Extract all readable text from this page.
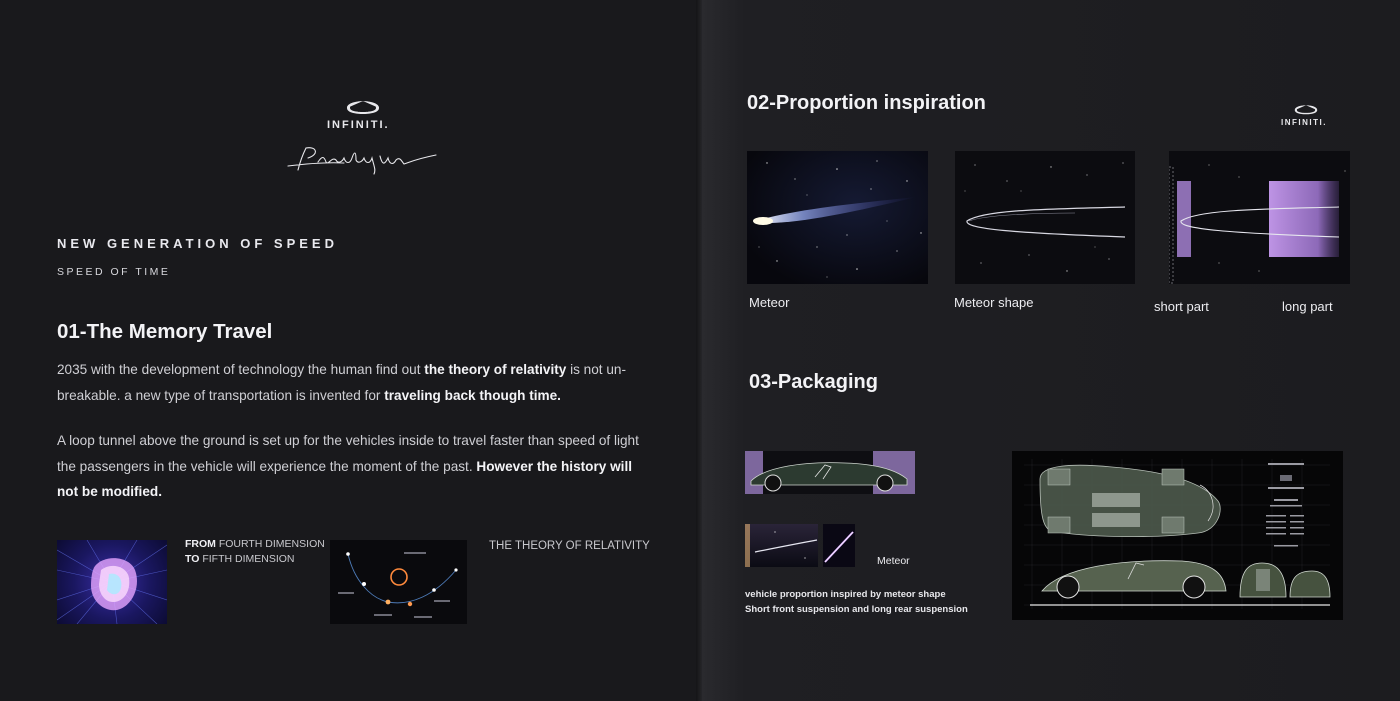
INFINITI.
NEW GENERATION OF SPEED
SPEED OF TIME
01-The Memory Travel
2035 with the development of technology the human find out the theory of relativity is not un-breakable. a new type of transportation is invented for traveling back though time.
A loop tunnel above the ground is set up for the vehicles inside to travel faster than speed of light the passengers in the vehicle will experience the moment of the past. However the history will not be modified.
FROM FOURTH DIMENSION
TO FIFTH DIMENSION
THE THEORY OF RELATIVITY
02-Proportion inspiration
INFINITI.
Meteor	Meteor shape	short part	long part
03-Packaging
Meteor
vehicle proportion inspired by meteor shape
Short front suspension and long rear suspension
